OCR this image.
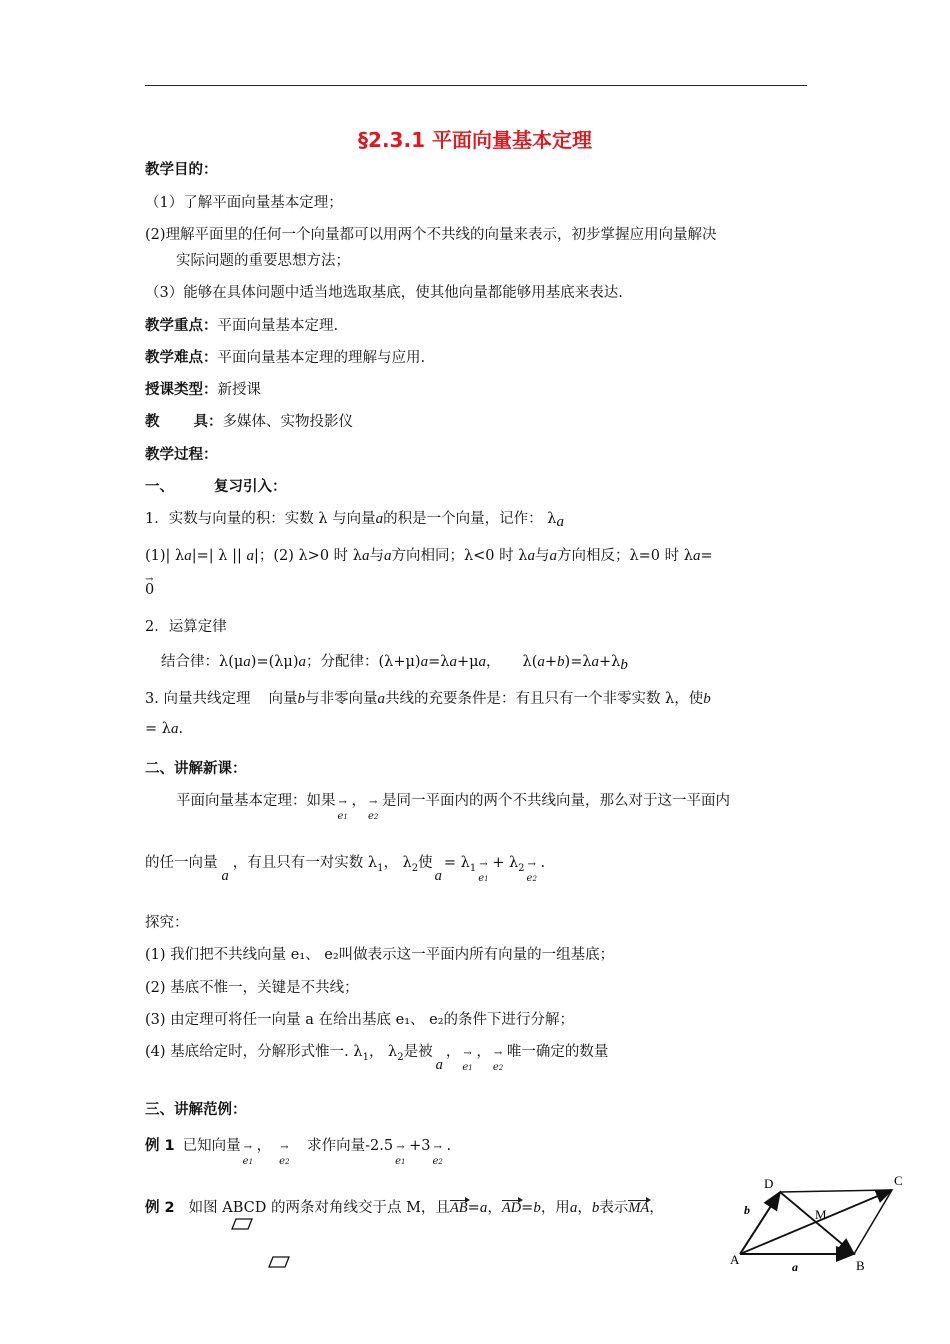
§2.3.1 平面向量基本定理
教学目的：
（1）了解平面向量基本定理；
(2)理解平面里的任何一个向量都可以用两个不共线的向量来表示，初步掌握应用向量解决
实际问题的重要思想方法；
（3）能够在具体问题中适当地选取基底，使其他向量都能够用基底来表达.
教学重点：平面向量基本定理.
教学难点：平面向量基本定理的理解与应用.
授课类型：新授课
教 具：多媒体、实物投影仪
教学过程：
一、	复习引入：
1．实数与向量的积：实数 λ 与向量a的积是一个向量，记作： λa
(1)| λa|=| λ || a|；(2) λ>0 时 λa与a方向相同；λ<0 时 λa与a方向相反；λ=0 时 λa=
→
0
2．运算定律
结合律：λ(μa)=(λμ)a；分配律：(λ+μ)a=λa+μa， λ(a+b)=λa+λb
3. 向量共线定理 向量b与非零向量a共线的充要条件是：有且只有一个非零实数 λ，使b
= λa.
二、讲解新课：
平面向量基本定理：如果 →
e1
， →
e2
是同一平面内的两个不共线向量，那么对于这一平面内
的任一向量a，有且只有一对实数 $\lambda_1$， $\lambda_2$使$a= \lambda_1$ →
e1
+ $\lambda_2$ →
e2
.
探究：
(1) 我们把不共线向量 e₁、 e₂叫做表示这一平面内所有向量的一组基底；
(2) 基底不惟一，关键是不共线；
(3) 由定理可将任一向量 a 在给出基底 e₁、 e₂的条件下进行分解；
(4) 基底给定时，分解形式惟一. $\lambda_1$， $\lambda_2$是被a， →
e1
， →
e2
唯一确定的数量
三、讲解范例：
例 1 已知向量 →
e1
， →
e2
求作向量-2.5 →
e1
+3 →
e2
.
例 2 如图 ABCD 的两条对角线交于点 M，且AB=a，AD=b，用a，b表示MA，
A	B
C
D
M
a
b
